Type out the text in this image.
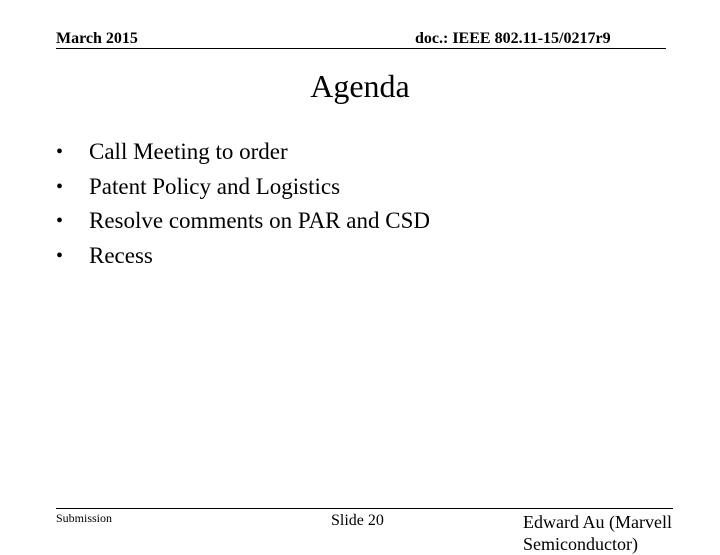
March 2015	doc.: IEEE 802.11-15/0217r9
Agenda
• Call Meeting to order
• Patent Policy and Logistics
• Resolve comments on PAR and CSD
• Recess
Submission	Slide 20	Edward Au (Marvell Semiconductor)
